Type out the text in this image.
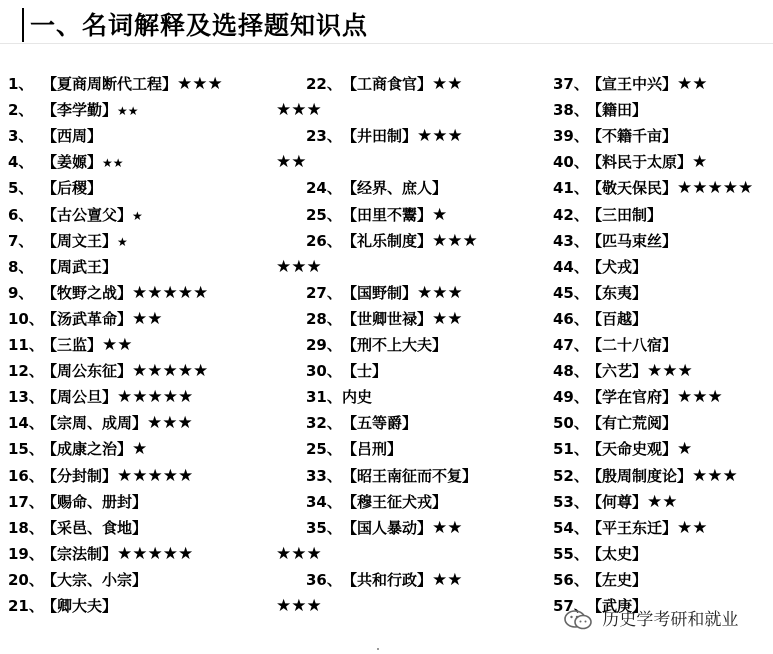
一、名词解释及选择题知识点
1、 【夏商周断代工程】★★★
2、 【李学勤】★★
3、 【西周】
4、 【姜嫄】★★
5、 【后稷】
6、 【古公亶父】★
7、 【周文王】★
8、 【周武王】
9、 【牧野之战】★★★★★
10、【汤武革命】★★
11、【三监】★★
12、【周公东征】★★★★★
13、【周公旦】★★★★★
14、【宗周、成周】★★★
15、【成康之治】★
16、【分封制】★★★★★
17、【赐命、册封】
18、【采邑、食地】
19、【宗法制】★★★★★
20、【大宗、小宗】
21、【卿大夫】
22、【工商食官】★★
23、【井田制】★★★
24、【经界、庶人】
25、【田里不鬻】★
26、【礼乐制度】★★★
27、【国野制】★★★
28、【世卿世禄】★★
29、【刑不上大夫】
30、【士】
31、内史
32、【五等爵】
25、【吕刑】
33、【昭王南征而不复】
34、【穆王征犬戎】
35、【国人暴动】★★
36、【共和行政】★★
★★★
★★
★★★
★★★
★★★
37、【宣王中兴】★★
38、【籍田】
39、【不籍千亩】
40、【料民于太原】★
41、【敬天保民】★★★★★
42、【三田制】
43、【匹马束丝】
44、【犬戎】
45、【东夷】
46、【百越】
47、【二十八宿】
48、【六艺】★★★
49、【学在官府】★★★
50、【有亡荒阅】
51、【天命史观】★
52、【殷周制度论】★★★
53、【何尊】★★
54、【平王东迁】★★
55、【太史】
56、【左史】
57、【武庚】
历史学考研和就业
